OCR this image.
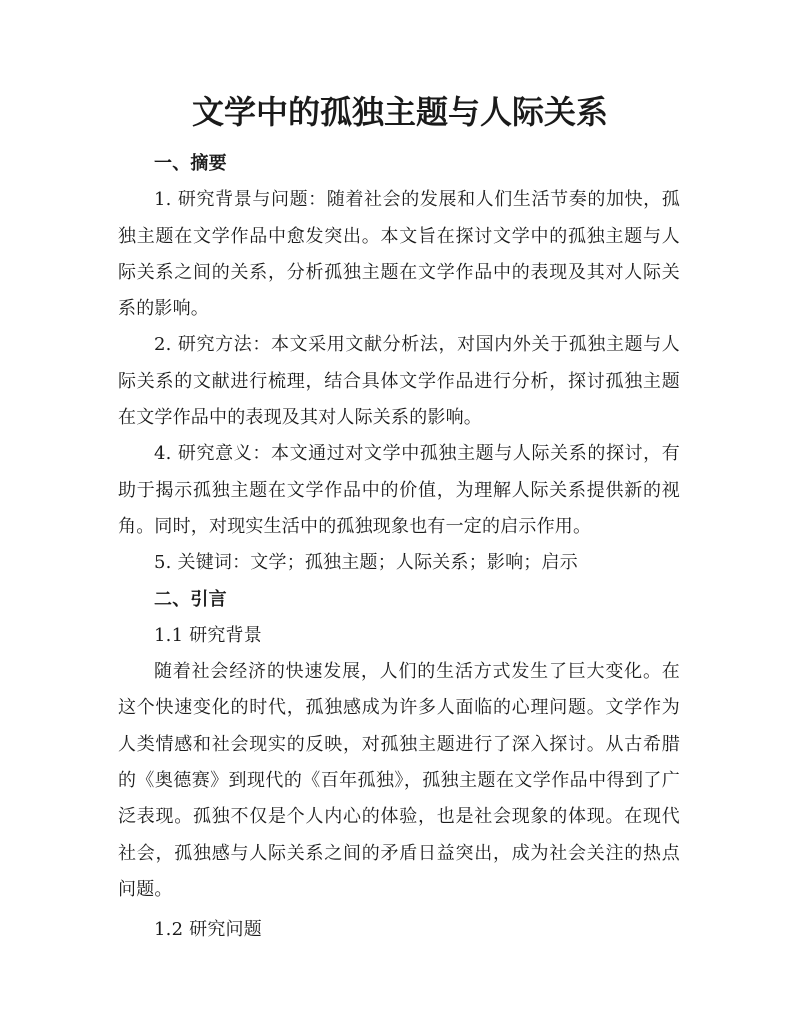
文学中的孤独主题与人际关系

一、摘要

1. 研究背景与问题：随着社会的发展和人们生活节奏的加快，孤独主题在文学作品中愈发突出。本文旨在探讨文学中的孤独主题与人际关系之间的关系，分析孤独主题在文学作品中的表现及其对人际关系的影响。

2. 研究方法：本文采用文献分析法，对国内外关于孤独主题与人际关系的文献进行梳理，结合具体文学作品进行分析，探讨孤独主题在文学作品中的表现及其对人际关系的影响。

4. 研究意义：本文通过对文学中孤独主题与人际关系的探讨，有助于揭示孤独主题在文学作品中的价值，为理解人际关系提供新的视角。同时，对现实生活中的孤独现象也有一定的启示作用。

5. 关键词：文学；孤独主题；人际关系；影响；启示

二、引言

1.1 研究背景

随着社会经济的快速发展，人们的生活方式发生了巨大变化。在这个快速变化的时代，孤独感成为许多人面临的心理问题。文学作为人类情感和社会现实的反映，对孤独主题进行了深入探讨。从古希腊的《奥德赛》到现代的《百年孤独》，孤独主题在文学作品中得到了广泛表现。孤独不仅是个人内心的体验，也是社会现象的体现。在现代社会，孤独感与人际关系之间的矛盾日益突出，成为社会关注的热点问题。

1.2 研究问题
